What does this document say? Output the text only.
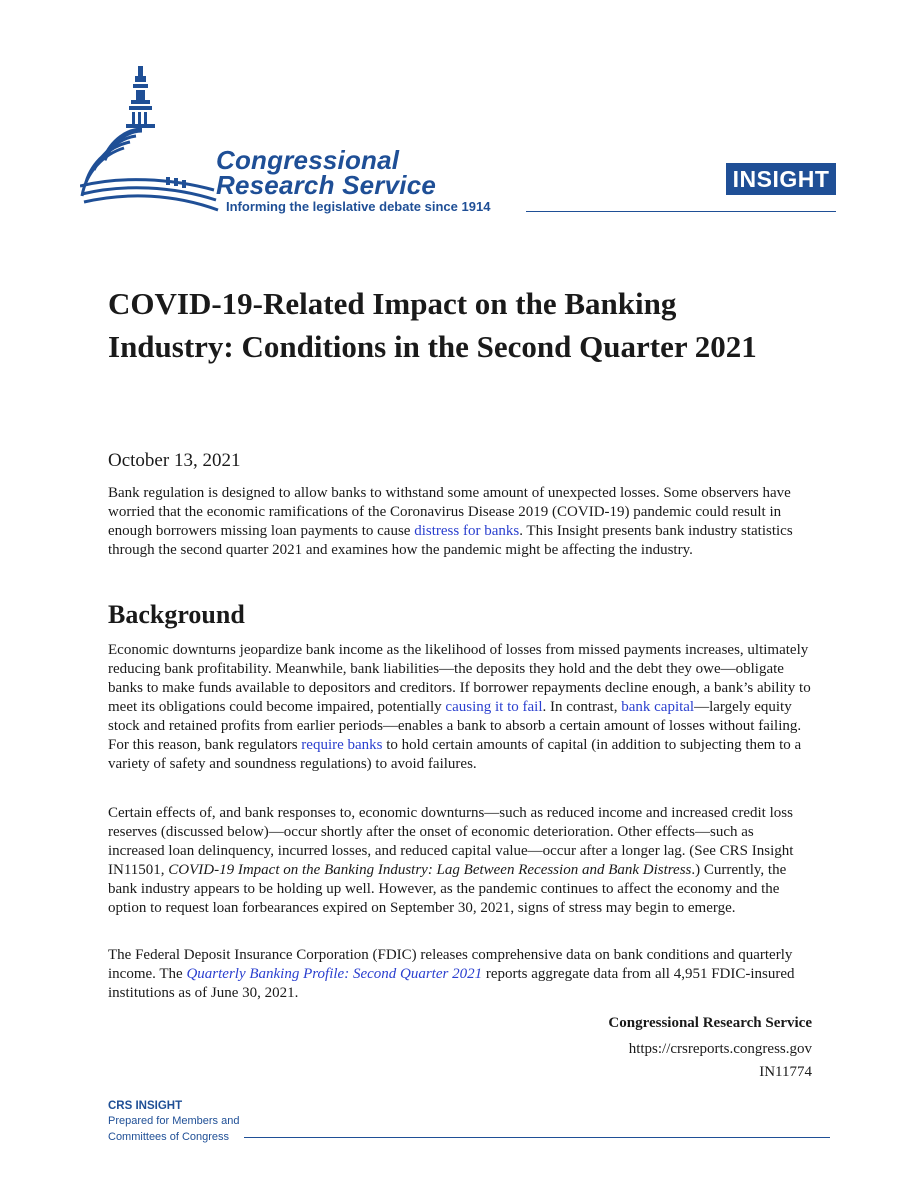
Congressional
Research Service
Informing the legislative debate since 1914
INSIGHT
COVID-19-Related Impact on the Banking Industry: Conditions in the Second Quarter 2021
October 13, 2021

Bank regulation is designed to allow banks to withstand some amount of unexpected losses. Some observers have worried that the economic ramifications of the Coronavirus Disease 2019 (COVID-19) pandemic could result in enough borrowers missing loan payments to cause distress for banks. This Insight presents bank industry statistics through the second quarter 2021 and examines how the pandemic might be affecting the industry.

Background

Economic downturns jeopardize bank income as the likelihood of losses from missed payments increases, ultimately reducing bank profitability. Meanwhile, bank liabilities—the deposits they hold and the debt they owe—obligate banks to make funds available to depositors and creditors. If borrower repayments decline enough, a bank’s ability to meet its obligations could become impaired, potentially causing it to fail. In contrast, bank capital—largely equity stock and retained profits from earlier periods—enables a bank to absorb a certain amount of losses without failing. For this reason, bank regulators require banks to hold certain amounts of capital (in addition to subjecting them to a variety of safety and soundness regulations) to avoid failures.

Certain effects of, and bank responses to, economic downturns—such as reduced income and increased credit loss reserves (discussed below)—occur shortly after the onset of economic deterioration. Other effects—such as increased loan delinquency, incurred losses, and reduced capital value—occur after a longer lag. (See CRS Insight IN11501, COVID-19 Impact on the Banking Industry: Lag Between Recession and Bank Distress.) Currently, the bank industry appears to be holding up well. However, as the pandemic continues to affect the economy and the option to request loan forbearances expired on September 30, 2021, signs of stress may begin to emerge.

The Federal Deposit Insurance Corporation (FDIC) releases comprehensive data on bank conditions and quarterly income. The Quarterly Banking Profile: Second Quarter 2021 reports aggregate data from all 4,951 FDIC-insured institutions as of June 30, 2021.

Congressional Research Service
https://crsreports.congress.gov
IN11774
CRS INSIGHT
Prepared for Members and
Committees of Congress
